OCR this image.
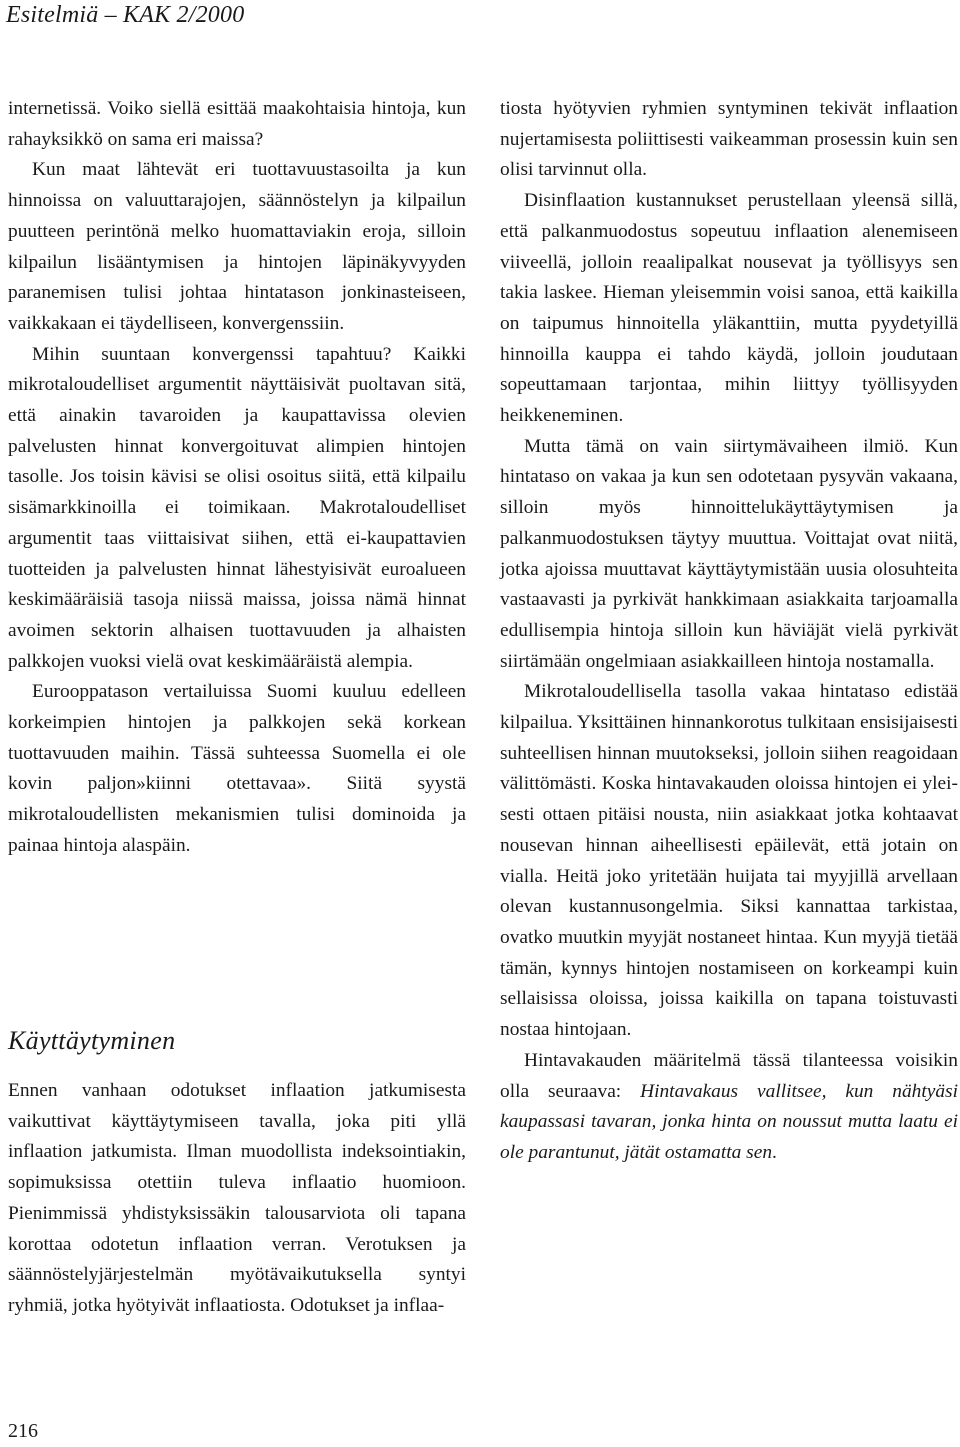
Esitelmiä – KAK 2/2000

internetissä. Voiko siellä esittää maakohtaisia hintoja, kun rahayksikkö on sama eri maissa?

Kun maat lähtevät eri tuottavuustasoilta ja kun hinnoissa on valuuttarajojen, säännöstelyn ja kilpailun puutteen perintönä melko huomattaviakin eroja, silloin kilpailun lisääntymisen ja hintojen läpinäkyvyyden paranemisen tulisi johtaa hintatason jonkinasteiseen, vaikkakaan ei täydelliseen, konvergenssiin.

Mihin suuntaan konvergenssi tapahtuu? Kaikki mikrotaloudelliset argumentit näyttäisivät puoltavan sitä, että ainakin tavaroiden ja kaupattavissa olevien palvelusten hinnat konvergoituvat alimpien hintojen tasolle. Jos toisin kävisi se olisi osoitus siitä, että kilpailu sisämarkkinoilla ei toimikaan. Makrotaloudelliset argumentit taas viittaisivat siihen, että ei-kaupattavien tuotteiden ja palvelusten hinnat lähestyisivät euroalueen keskimääräisiä tasoja niissä maissa, joissa nämä hinnat avoimen sektorin alhaisen tuottavuuden ja alhaisten palkkojen vuoksi vielä ovat keskimääräistä alempia.

Eurooppatason vertailuissa Suomi kuuluu edelleen korkeimpien hintojen ja palkkojen sekä korkean tuottavuuden maihin. Tässä suhteessa Suomella ei ole kovin paljon»kiinni otettavaa». Siitä syystä mikrotaloudellisten mekanismien tulisi dominoida ja painaa hintoja alaspäin.

Käyttäytyminen

Ennen vanhaan odotukset inflaation jatkumisesta vaikuttivat käyttäytymiseen tavalla, joka piti yllä inflaation jatkumista. Ilman muodollista indeksointiakin, sopimuksissa otettiin tuleva inflaatio huomioon. Pienimmissä yhdistyksissäkin talousarviota oli tapana korottaa odotetun inflaation verran. Verotuksen ja säännöstelyjärjestelmän myötävaikutuksella syntyi ryhmiä, jotka hyötyivät inflaatiosta. Odotukset ja inflaa-

tiosta hyötyvien ryhmien syntyminen tekivät inflaation nujertamisesta poliittisesti vaikeamman prosessin kuin sen olisi tarvinnut olla.

Disinflaation kustannukset perustellaan yleensä sillä, että palkanmuodostus sopeutuu inflaation alenemiseen viiveellä, jolloin reaalipalkat nousevat ja työllisyys sen takia laskee. Hieman yleisemmin voisi sanoa, että kaikilla on taipumus hinnoitella yläkanttiin, mutta pyydetyillä hinnoilla kauppa ei tahdo käydä, jolloin joudutaan sopeuttamaan tarjontaa, mihin liittyy työllisyyden heikkeneminen.

Mutta tämä on vain siirtymävaiheen ilmiö. Kun hintataso on vakaa ja kun sen odotetaan pysyvän vakaana, silloin myös hinnoittelukäyttäytymisen ja palkanmuodostuksen täytyy muuttua. Voittajat ovat niitä, jotka ajoissa muuttavat käyttäytymistään uusia olosuhteita vastaavasti ja pyrkivät hankkimaan asiakkaita tarjoamalla edullisempia hintoja silloin kun häviäjät vielä pyrkivät siirtämään ongelmiaan asiakkailleen hintoja nostamalla.

Mikrotaloudellisella tasolla vakaa hintataso edistää kilpailua. Yksittäinen hinnankorotus tulkitaan ensisijaisesti suhteellisen hinnan muutokseksi, jolloin siihen reagoidaan välittömästi. Koska hintavakauden oloissa hintojen ei yleisesti ottaen pitäisi nousta, niin asiakkaat jotka kohtaavat nousevan hinnan aiheellisesti epäilevät, että jotain on vialla. Heitä joko yritetään huijata tai myyjillä arvellaan olevan kustannusongelmia. Siksi kannattaa tarkistaa, ovatko muutkin myyjät nostaneet hintaa. Kun myyjä tietää tämän, kynnys hintojen nostamiseen on korkeampi kuin sellaisissa oloissa, joissa kaikilla on tapana toistuvasti nostaa hintojaan.

Hintavakauden määritelmä tässä tilanteessa voisikin olla seuraava: Hintavakaus vallitsee, kun nähtyäsi kaupassasi tavaran, jonka hinta on noussut mutta laatu ei ole parantunut, jätät ostamatta sen.

216
